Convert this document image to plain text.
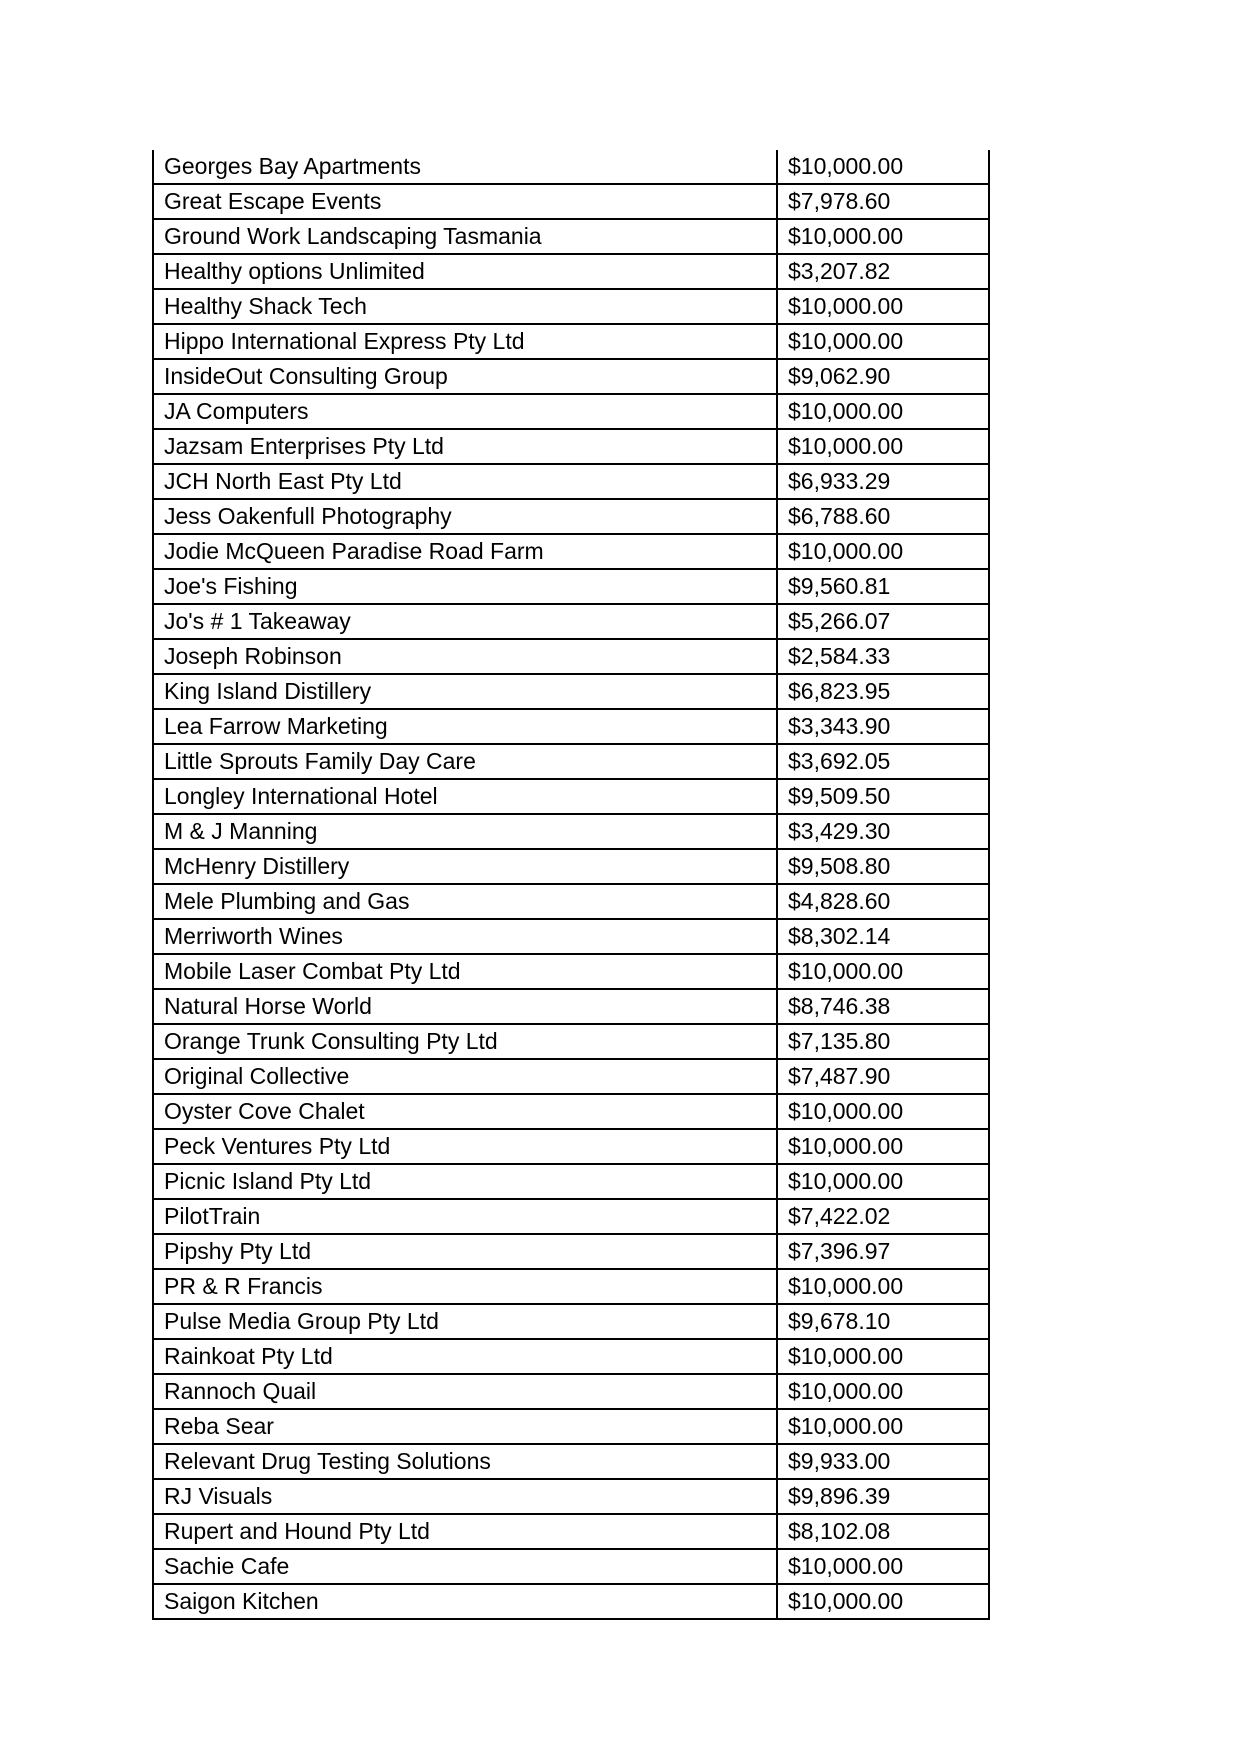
Georges Bay Apartments	$10,000.00
Great Escape Events	$7,978.60
Ground Work Landscaping Tasmania	$10,000.00
Healthy options Unlimited	$3,207.82
Healthy Shack Tech	$10,000.00
Hippo International Express Pty Ltd	$10,000.00
InsideOut Consulting Group	$9,062.90
JA Computers	$10,000.00
Jazsam Enterprises Pty Ltd	$10,000.00
JCH North East Pty Ltd	$6,933.29
Jess Oakenfull Photography	$6,788.60
Jodie McQueen Paradise Road Farm	$10,000.00
Joe's Fishing	$9,560.81
Jo's # 1 Takeaway	$5,266.07
Joseph Robinson	$2,584.33
King Island Distillery	$6,823.95
Lea Farrow Marketing	$3,343.90
Little Sprouts Family Day Care	$3,692.05
Longley International Hotel	$9,509.50
M & J Manning	$3,429.30
McHenry Distillery	$9,508.80
Mele Plumbing and Gas	$4,828.60
Merriworth Wines	$8,302.14
Mobile Laser Combat Pty Ltd	$10,000.00
Natural Horse World	$8,746.38
Orange Trunk Consulting Pty Ltd	$7,135.80
Original Collective	$7,487.90
Oyster Cove Chalet	$10,000.00
Peck Ventures Pty Ltd	$10,000.00
Picnic Island Pty Ltd	$10,000.00
PilotTrain	$7,422.02
Pipshy Pty Ltd	$7,396.97
PR & R Francis	$10,000.00
Pulse Media Group Pty Ltd	$9,678.10
Rainkoat Pty Ltd	$10,000.00
Rannoch Quail	$10,000.00
Reba Sear	$10,000.00
Relevant Drug Testing Solutions	$9,933.00
RJ Visuals	$9,896.39
Rupert and Hound Pty Ltd	$8,102.08
Sachie Cafe	$10,000.00
Saigon Kitchen	$10,000.00
